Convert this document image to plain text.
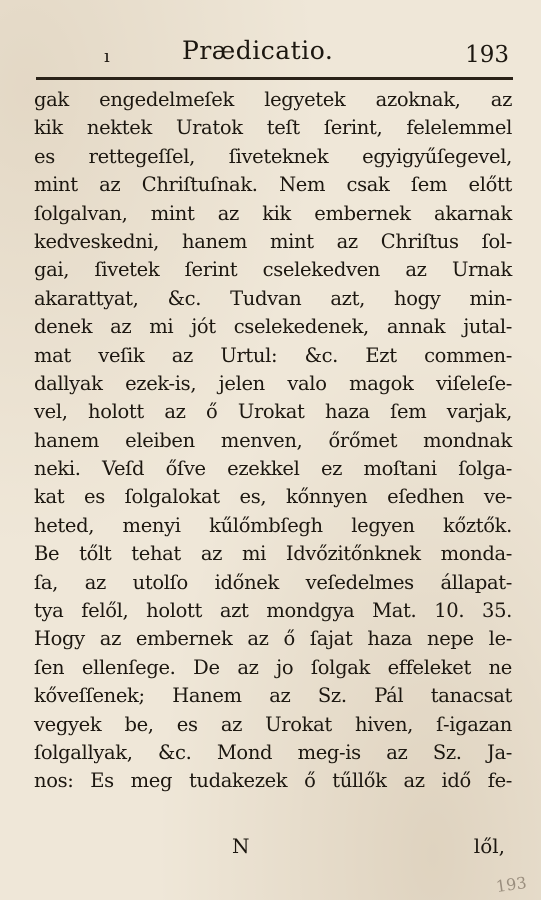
ı	Prædicatio.	193
gak engedelmeſek legyetek azoknak, az
kik nektek Uratok teſt ſerint, felelemmel
es rettegeſſel, ſiveteknek egyigyűſegevel,
mint az Chriſtuſnak. Nem csak ſem előtt
ſolgalvan, mint az kik embernek akarnak
kedveskedni, hanem mint az Chriſtus ſol-
gai, ſivetek ſerint cselekedven az Urnak
akarattyat, &c. Tudvan azt, hogy min-
denek az mi jót cselekedenek, annak jutal-
mat veſik az Urtul: &c. Ezt commen-
dallyak ezek-is, jelen valo magok viſeleſe-
vel, holott az ő Urokat haza ſem varjak,
hanem eleiben menven, őrőmet mondnak
neki. Veſd őſve ezekkel ez moſtani ſolga-
kat es ſolgalokat es, kőnnyen eſedhen ve-
heted, menyi kűlőmbſegh legyen kőztők.
Be tőlt tehat az mi Idvőzitőnknek monda-
ſa, az utolſo időnek veſedelmes állapat-
tya felől, holott azt mondgya Mat. 10. 35.
Hogy az embernek az ő ſajat haza nepe le-
ſen ellenſege. De az jo ſolgak effeleket ne
kőveſſenek; Hanem az Sz. Pál tanacsat
vegyek be, es az Urokat hiven, ſ-igazan
ſolgallyak, &c. Mond meg-is az Sz. Ja-
nos: Es meg tudakezek ő tűllők az idő fe-
N	lől,
193
